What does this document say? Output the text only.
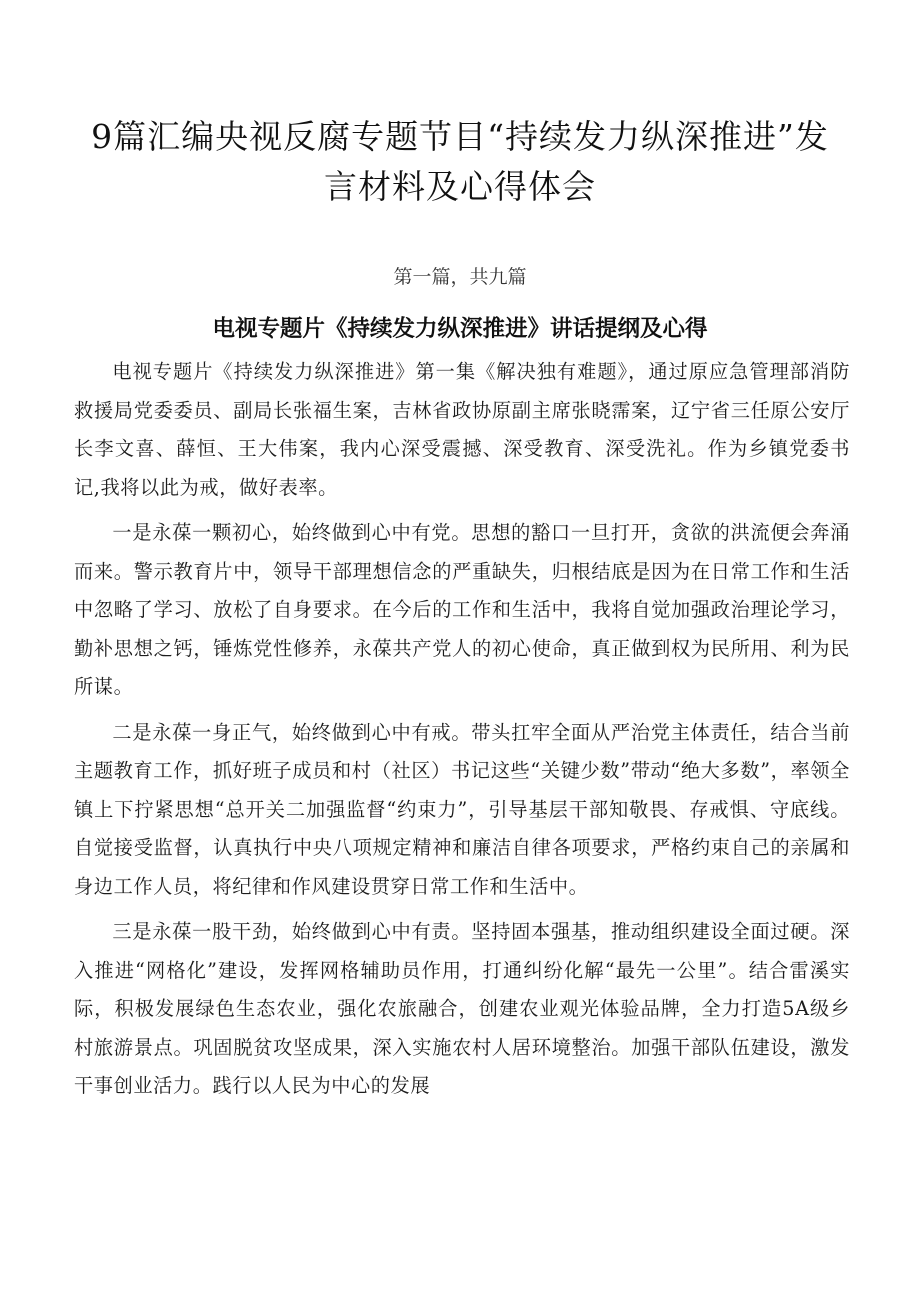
9篇汇编央视反腐专题节目“持续发力纵深推进”发
言材料及心得体会
第一篇，共九篇
电视专题片《持续发力纵深推进》讲话提纲及心得

电视专题片《持续发力纵深推进》第一集《解决独有难题》，通过原应急管理部消防救援局党委委员、副局长张福生案，吉林省政协原副主席张晓霈案，辽宁省三任原公安厅长李文喜、薛恒、王大伟案，我内心深受震撼、深受教育、深受洗礼。作为乡镇党委书记,我将以此为戒，做好表率。

一是永葆一颗初心，始终做到心中有党。思想的豁口一旦打开，贪欲的洪流便会奔涌而来。警示教育片中，领导干部理想信念的严重缺失，归根结底是因为在日常工作和生活中忽略了学习、放松了自身要求。在今后的工作和生活中，我将自觉加强政治理论学习，勤补思想之钙，锤炼党性修养，永葆共产党人的初心使命，真正做到权为民所用、利为民所谋。

二是永葆一身正气，始终做到心中有戒。带头扛牢全面从严治党主体责任，结合当前主题教育工作，抓好班子成员和村（社区）书记这些“关键少数”带动“绝大多数”，率领全镇上下拧紧思想“总开关二加强监督“约束力”，引导基层干部知敬畏、存戒惧、守底线。自觉接受监督，认真执行中央八项规定精神和廉洁自律各项要求，严格约束自己的亲属和身边工作人员，将纪律和作风建设贯穿日常工作和生活中。

三是永葆一股干劲，始终做到心中有责。坚持固本强基，推动组织建设全面过硬。深入推进“网格化”建设，发挥网格辅助员作用，打通纠纷化解“最先一公里”。结合雷溪实际，积极发展绿色生态农业，强化农旅融合，创建农业观光体验品牌，全力打造5A级乡村旅游景点。巩固脱贫攻坚成果，深入实施农村人居环境整治。加强干部队伍建设，激发干事创业活力。践行以人民为中心的发展
